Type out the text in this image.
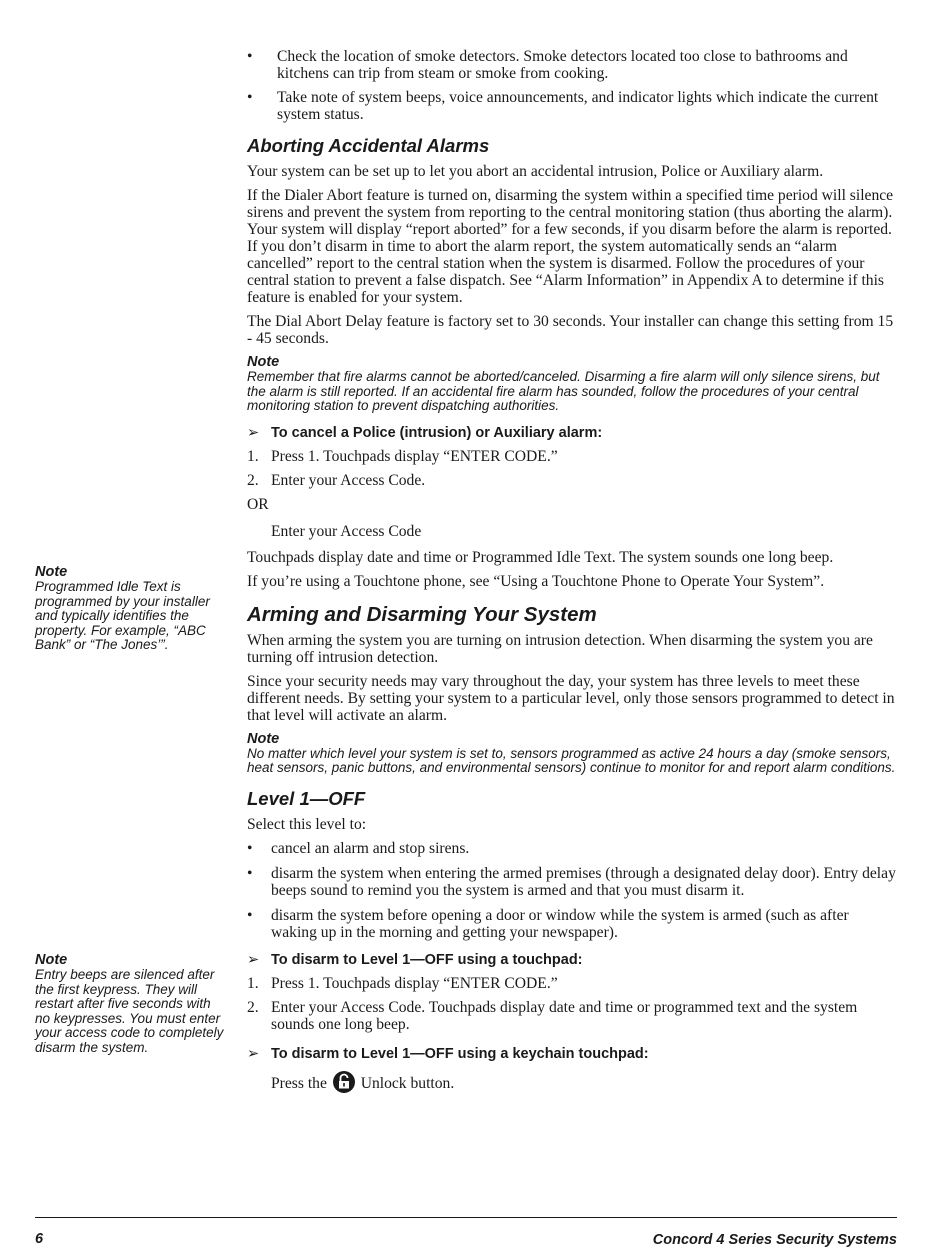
Note
Programmed Idle Text is programmed by your installer and typically identifies the property. For example, “ABC Bank” or “The Jones’”.
Note
Entry beeps are silenced after the first keypress. They will restart after five seconds with no keypresses. You must enter your access code to completely disarm the system.
• Check the location of smoke detectors. Smoke detectors located too close to bathrooms and kitchens can trip from steam or smoke from cooking.
• Take note of system beeps, voice announcements, and indicator lights which indicate the current system status.
Aborting Accidental Alarms

Your system can be set up to let you abort an accidental intrusion, Police or Auxiliary alarm.

If the Dialer Abort feature is turned on, disarming the system within a specified time period will silence sirens and prevent the system from reporting to the central monitoring station (thus aborting the alarm). Your system will display “report aborted” for a few seconds, if you disarm before the alarm is reported. If you don’t disarm in time to abort the alarm report, the system automatically sends an “alarm cancelled” report to the central station when the system is disarmed. Follow the procedures of your central station to prevent a false dispatch. See “Alarm Information” in Appendix A to determine if this feature is enabled for your system.

The Dial Abort Delay feature is factory set to 30 seconds. Your installer can change this setting from 15 - 45 seconds.

Note
Remember that fire alarms cannot be aborted/canceled. Disarming a fire alarm will only silence sirens, but the alarm is still reported. If an accidental fire alarm has sounded, follow the procedures of your central monitoring station to prevent dispatching authorities.
➢ To cancel a Police (intrusion) or Auxiliary alarm:
1. Press 1. Touchpads display “ENTER CODE.”
2. Enter your Access Code.

OR

Enter your Access Code

Touchpads display date and time or Programmed Idle Text. The system sounds one long beep.

If you’re using a Touchtone phone, see “Using a Touchtone Phone to Operate Your System”.

Arming and Disarming Your System

When arming the system you are turning on intrusion detection. When disarming the system you are turning off intrusion detection.

Since your security needs may vary throughout the day, your system has three levels to meet these different needs. By setting your system to a particular level, only those sensors programmed to detect in that level will activate an alarm.

Note
No matter which level your system is set to, sensors programmed as active 24 hours a day (smoke sensors, heat sensors, panic buttons, and environmental sensors) continue to monitor for and report alarm conditions.
Level 1—OFF

Select this level to:

• cancel an alarm and stop sirens.
• disarm the system when entering the armed premises (through a designated delay door). Entry delay beeps sound to remind you the system is armed and that you must disarm it.
• disarm the system before opening a door or window while the system is armed (such as after waking up in the morning and getting your newspaper).
➢ To disarm to Level 1—OFF using a touchpad:
1. Press 1. Touchpads display “ENTER CODE.”
2. Enter your Access Code. Touchpads display date and time or programmed text and the system sounds one long beep.
➢ To disarm to Level 1—OFF using a keychain touchpad:

Press the Unlock button.

6	Concord 4 Series Security Systems
